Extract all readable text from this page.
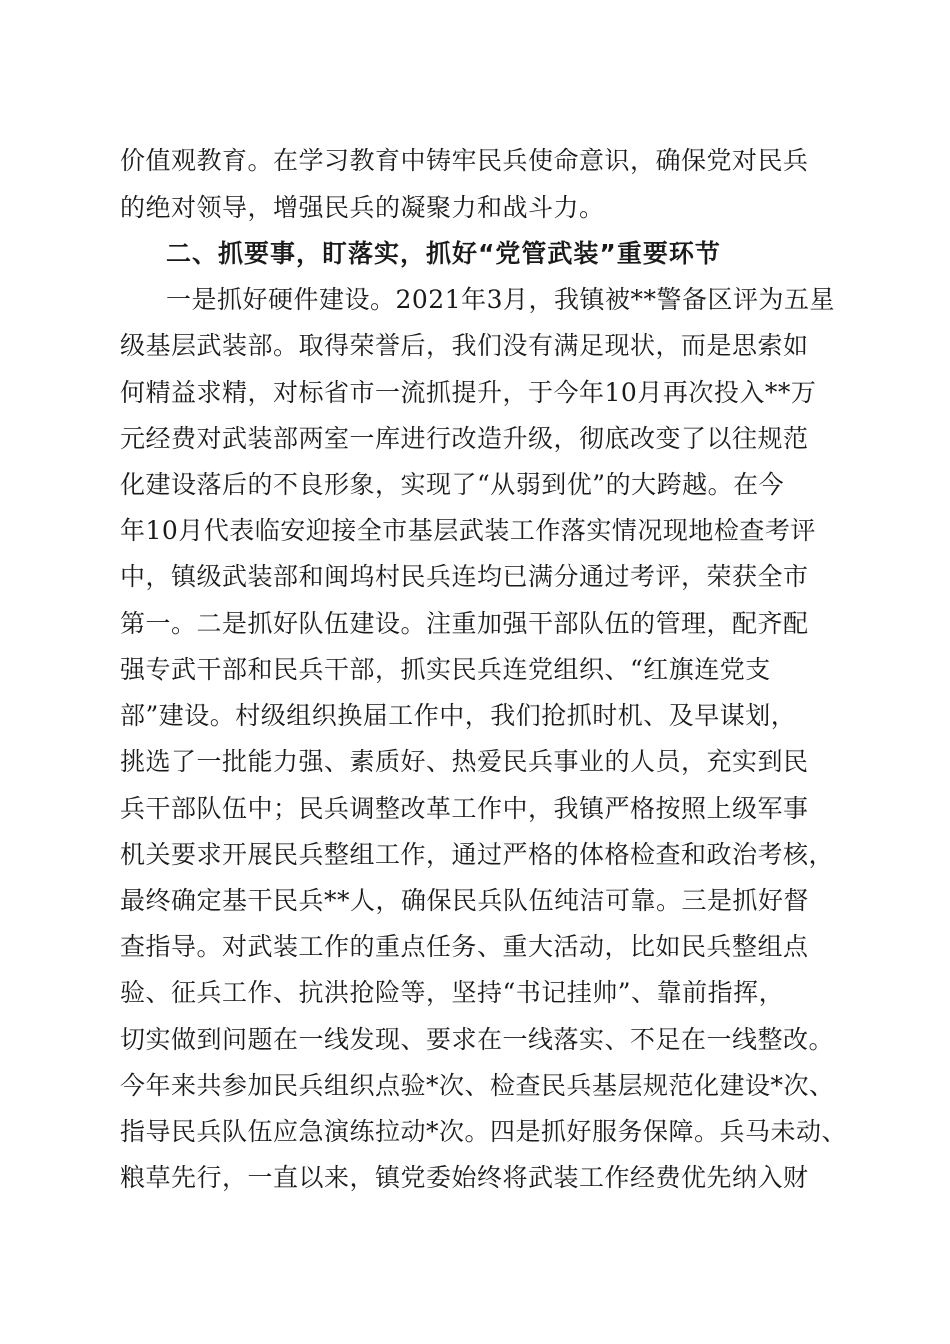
价值观教育。在学习教育中铸牢民兵使命意识，确保党对民兵
的绝对领导，增强民兵的凝聚力和战斗力。
二、抓要事，盯落实，抓好“党管武装”重要环节
一是抓好硬件建设。2021年3月，我镇被**警备区评为五星
级基层武装部。取得荣誉后，我们没有满足现状，而是思索如
何精益求精，对标省市一流抓提升，于今年10月再次投入**万
元经费对武装部两室一库进行改造升级，彻底改变了以往规范
化建设落后的不良形象，实现了“从弱到优”的大跨越。在今
年10月代表临安迎接全市基层武装工作落实情况现地检查考评
中，镇级武装部和闽坞村民兵连均已满分通过考评，荣获全市
第一。二是抓好队伍建设。注重加强干部队伍的管理，配齐配
强专武干部和民兵干部，抓实民兵连党组织、“红旗连党支
部”建设。村级组织换届工作中，我们抢抓时机、及早谋划，
挑选了一批能力强、素质好、热爱民兵事业的人员，充实到民
兵干部队伍中；民兵调整改革工作中，我镇严格按照上级军事
机关要求开展民兵整组工作，通过严格的体格检查和政治考核，
最终确定基干民兵**人，确保民兵队伍纯洁可靠。三是抓好督
查指导。对武装工作的重点任务、重大活动，比如民兵整组点
验、征兵工作、抗洪抢险等，坚持“书记挂帅”、靠前指挥，
切实做到问题在一线发现、要求在一线落实、不足在一线整改。
今年来共参加民兵组织点验*次、检查民兵基层规范化建设*次、
指导民兵队伍应急演练拉动*次。四是抓好服务保障。兵马未动、
粮草先行，一直以来，镇党委始终将武装工作经费优先纳入财
